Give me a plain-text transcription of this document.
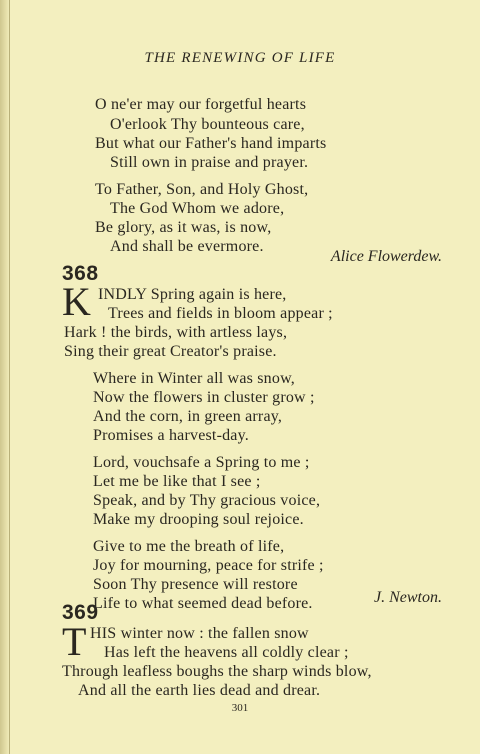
THE RENEWING OF LIFE
O ne'er may our forgetful hearts
O'erlook Thy bounteous care,
But what our Father's hand imparts
Still own in praise and prayer.
To Father, Son, and Holy Ghost,
The God Whom we adore,
Be glory, as it was, is now,
And shall be evermore.
Alice Flowerdew.
368
K INDLY Spring again is here,
Trees and fields in bloom appear ;
Hark ! the birds, with artless lays,
Sing their great Creator's praise.
Where in Winter all was snow,
Now the flowers in cluster grow ;
And the corn, in green array,
Promises a harvest-day.
Lord, vouchsafe a Spring to me ;
Let me be like that I see ;
Speak, and by Thy gracious voice,
Make my drooping soul rejoice.
Give to me the breath of life,
Joy for mourning, peace for strife ;
Soon Thy presence will restore
Life to what seemed dead before.	J. Newton.
369
T HIS winter now : the fallen snow
Has left the heavens all coldly clear ;
Through leafless boughs the sharp winds blow,
And all the earth lies dead and drear.
301
